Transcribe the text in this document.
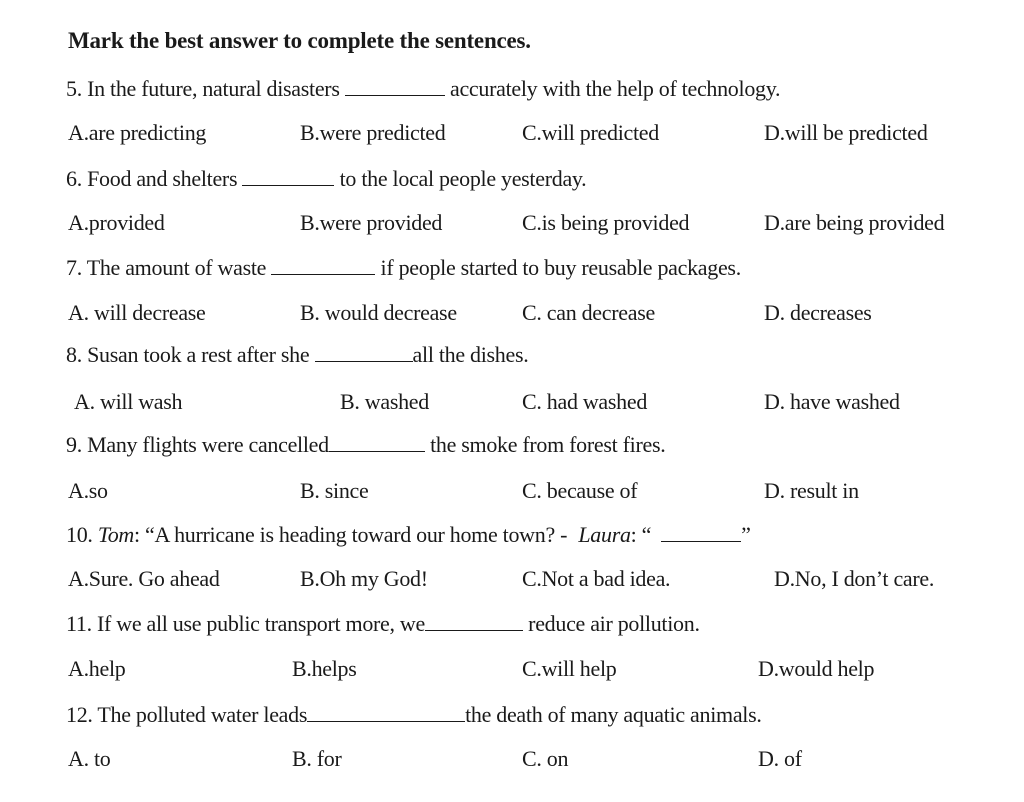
Mark the best answer to complete the sentences.
5. In the future, natural disasters	accurately with the help of technology.
A.are predicting	B.were predicted	C.will predicted	D.will be predicted
6. Food and shelters	to the local people yesterday.
A.provided	B.were provided	C.is being provided	D.are being provided
7. The amount of waste	if people started to buy reusable packages.
A. will decrease	B. would decrease	C. can decrease	D. decreases
8. Susan took a rest after she	all the dishes.
A. will wash	B. washed	C. had washed	D. have washed
9. Many flights were cancelled	the smoke from forest fires.
A.so	B. since	C. because of	D. result in
10. Tom: “A hurricane is heading toward our home town? - Laura: “	”
A.Sure. Go ahead	B.Oh my God!	C.Not a bad idea.	D.No, I don’t care.
11. If we all use public transport more, we	reduce air pollution.
A.help	B.helps	C.will help	D.would help
12. The polluted water leads	the death of many aquatic animals.
A. to	B. for	C. on	D. of
